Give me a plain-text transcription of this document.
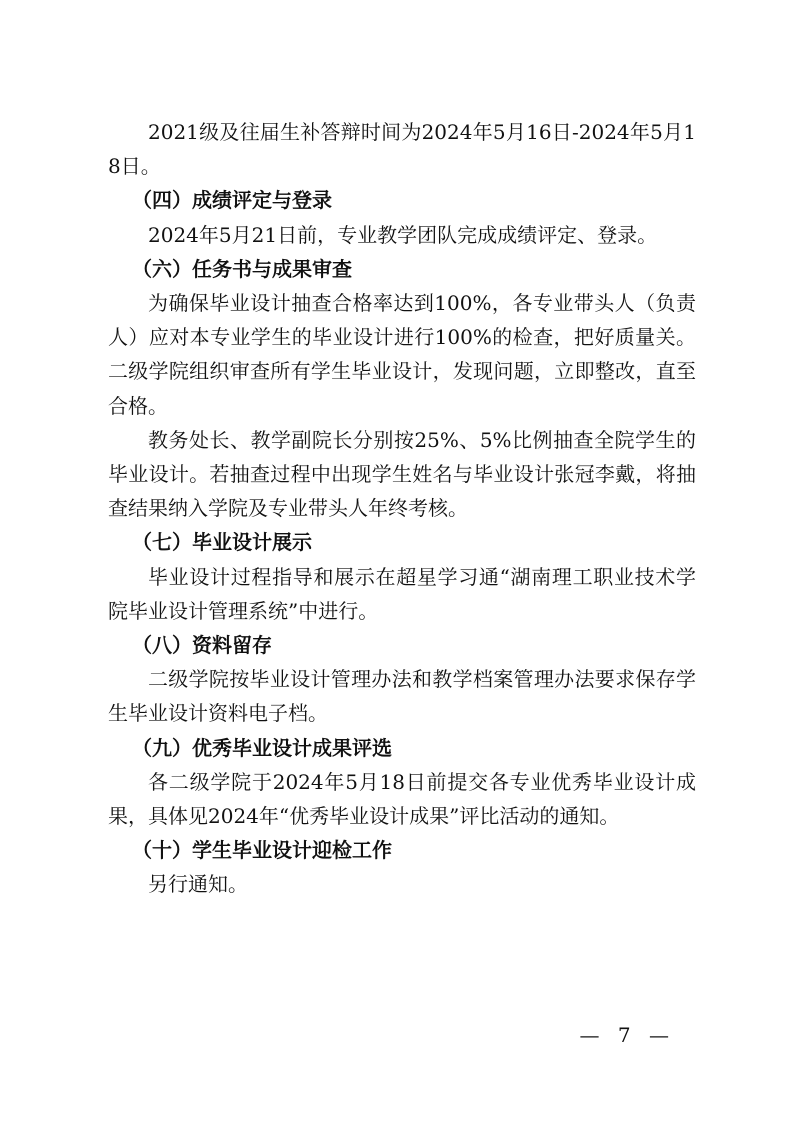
2021级及往届生补答辩时间为2024年5月16日-2024年5月18日。

（四）成绩评定与登录

2024年5月21日前，专业教学团队完成成绩评定、登录。

（六）任务书与成果审查

为确保毕业设计抽查合格率达到100%，各专业带头人（负责人）应对本专业学生的毕业设计进行100%的检查，把好质量关。二级学院组织审查所有学生毕业设计，发现问题，立即整改，直至合格。

教务处长、教学副院长分别按25%、5%比例抽查全院学生的毕业设计。若抽查过程中出现学生姓名与毕业设计张冠李戴，将抽查结果纳入学院及专业带头人年终考核。

（七）毕业设计展示

毕业设计过程指导和展示在超星学习通“湖南理工职业技术学院毕业设计管理系统”中进行。

（八）资料留存

二级学院按毕业设计管理办法和教学档案管理办法要求保存学生毕业设计资料电子档。

（九）优秀毕业设计成果评选

各二级学院于2024年5月18日前提交各专业优秀毕业设计成果，具体见2024年“优秀毕业设计成果”评比活动的通知。

（十）学生毕业设计迎检工作

另行通知。

— 7 —
